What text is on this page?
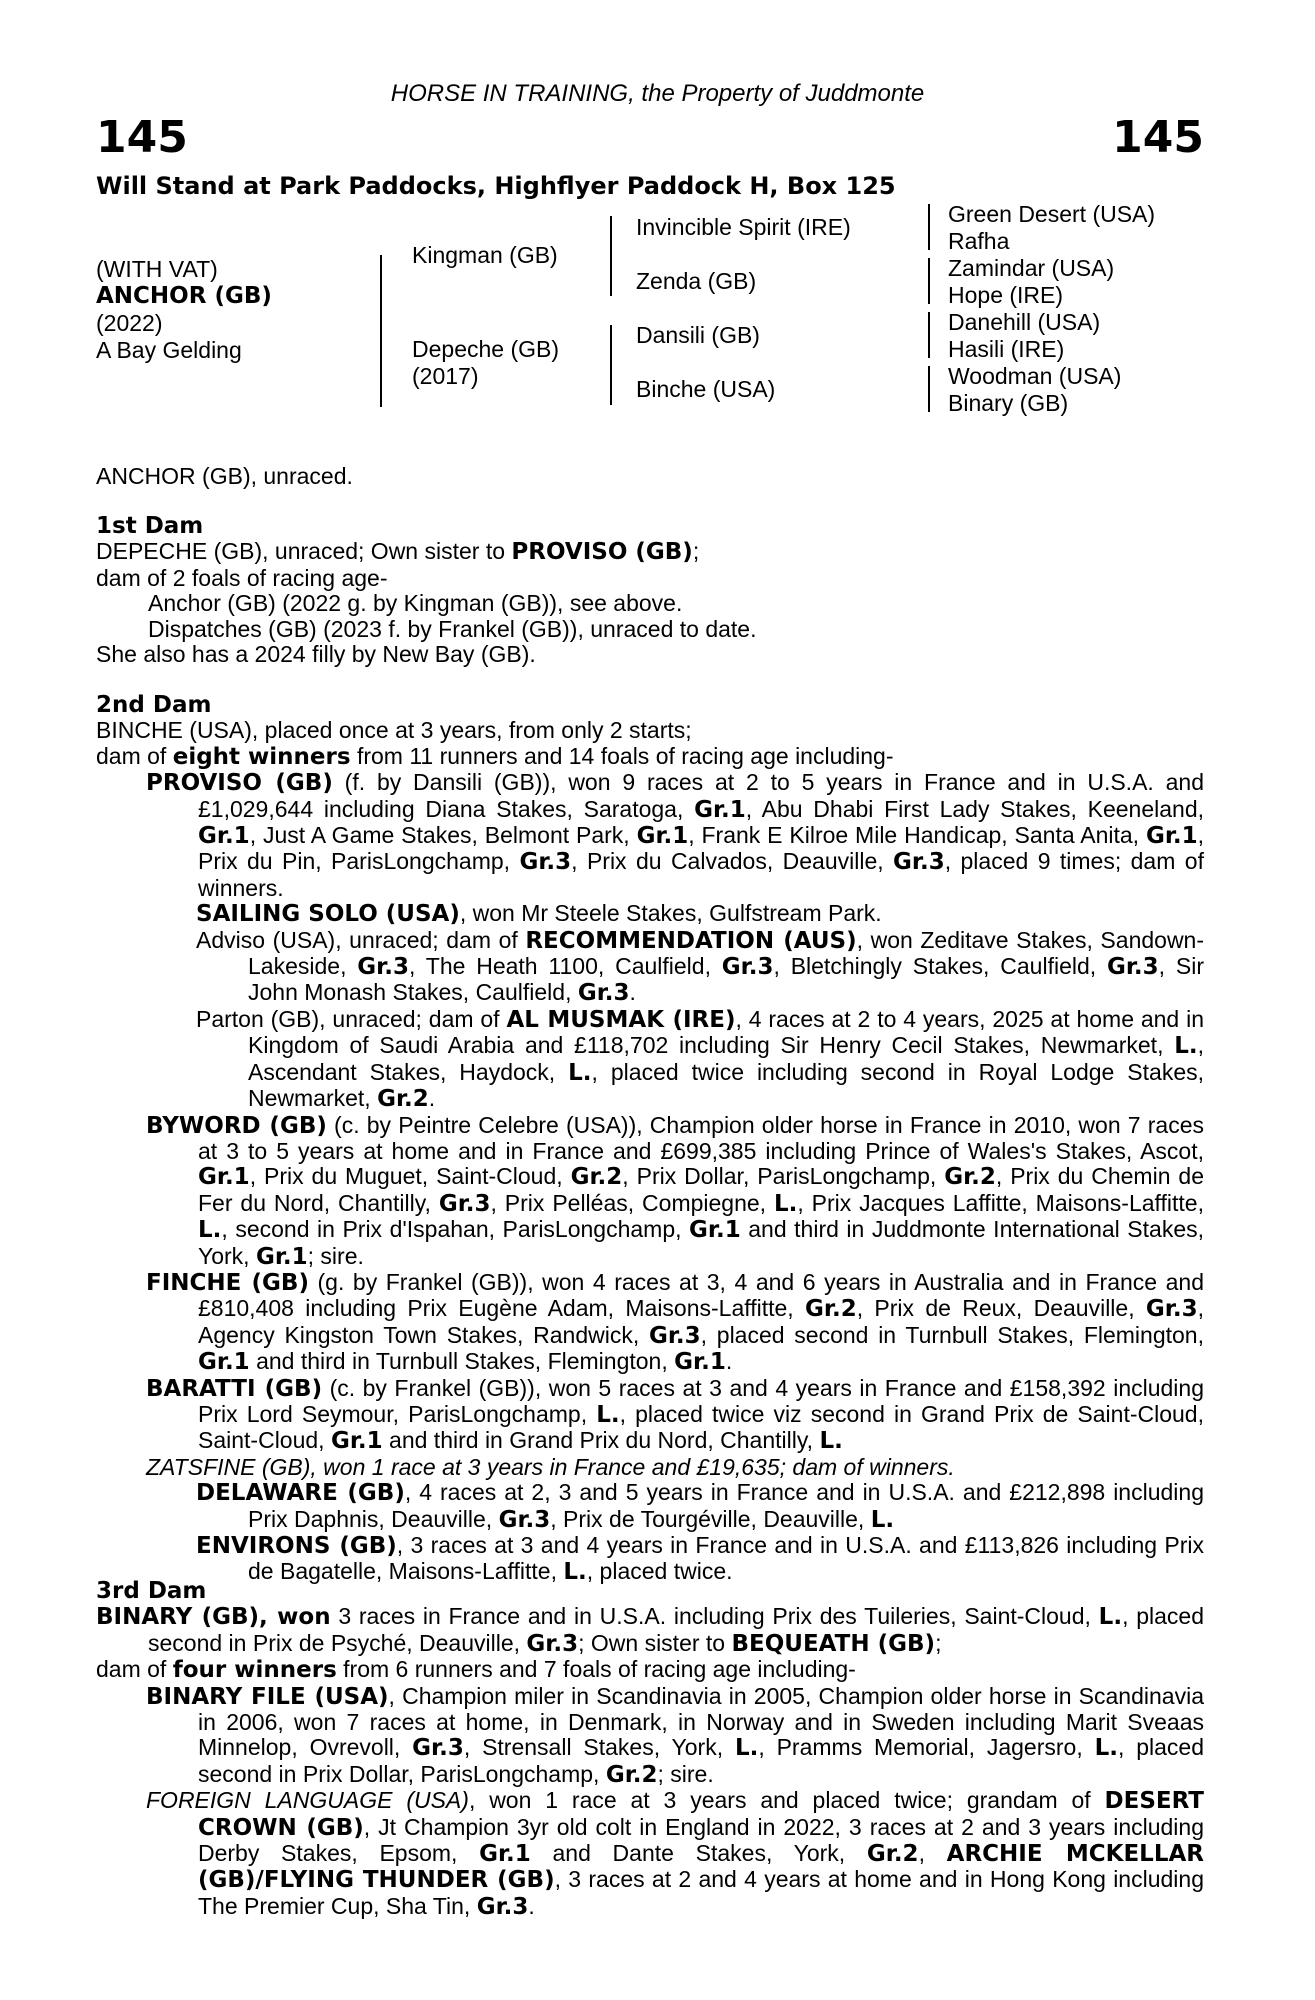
HORSE IN TRAINING, the Property of Juddmonte
145	145
Will Stand at Park Paddocks, Highflyer Paddock H, Box 125
(WITH VAT)
ANCHOR (GB)
(2022)
A Bay Gelding
Kingman (GB)
Depeche (GB)
(2017)
Invincible Spirit (IRE)
Zenda (GB)
Dansili (GB)
Binche (USA)
Green Desert (USA)
Rafha
Zamindar (USA)
Hope (IRE)
Danehill (USA)
Hasili (IRE)
Woodman (USA)
Binary (GB)
ANCHOR (GB), unraced.

1st Dam

DEPECHE (GB), unraced; Own sister to PROVISO (GB);

dam of 2 foals of racing age-

Anchor (GB) (2022 g. by Kingman (GB)), see above.

Dispatches (GB) (2023 f. by Frankel (GB)), unraced to date.

She also has a 2024 filly by New Bay (GB).

2nd Dam

BINCHE (USA), placed once at 3 years, from only 2 starts;

dam of eight winners from 11 runners and 14 foals of racing age including-

PROVISO (GB) (f. by Dansili (GB)), won 9 races at 2 to 5 years in France and in U.S.A. and £1,029,644 including Diana Stakes, Saratoga, Gr.1, Abu Dhabi First Lady Stakes, Keeneland, Gr.1, Just A Game Stakes, Belmont Park, Gr.1, Frank E Kilroe Mile Handicap, Santa Anita, Gr.1, Prix du Pin, ParisLongchamp, Gr.3, Prix du Calvados, Deauville, Gr.3, placed 9 times; dam of winners.

SAILING SOLO (USA), won Mr Steele Stakes, Gulfstream Park.

Adviso (USA), unraced; dam of RECOMMENDATION (AUS), won Zeditave Stakes, Sandown-Lakeside, Gr.3, The Heath 1100, Caulfield, Gr.3, Bletchingly Stakes, Caulfield, Gr.3, Sir John Monash Stakes, Caulfield, Gr.3.

Parton (GB), unraced; dam of AL MUSMAK (IRE), 4 races at 2 to 4 years, 2025 at home and in Kingdom of Saudi Arabia and £118,702 including Sir Henry Cecil Stakes, Newmarket, L., Ascendant Stakes, Haydock, L., placed twice including second in Royal Lodge Stakes, Newmarket, Gr.2.

BYWORD (GB) (c. by Peintre Celebre (USA)), Champion older horse in France in 2010, won 7 races at 3 to 5 years at home and in France and £699,385 including Prince of Wales's Stakes, Ascot, Gr.1, Prix du Muguet, Saint-Cloud, Gr.2, Prix Dollar, ParisLongchamp, Gr.2, Prix du Chemin de Fer du Nord, Chantilly, Gr.3, Prix Pelléas, Compiegne, L., Prix Jacques Laffitte, Maisons-Laffitte, L., second in Prix d'Ispahan, ParisLongchamp, Gr.1 and third in Juddmonte International Stakes, York, Gr.1; sire.

FINCHE (GB) (g. by Frankel (GB)), won 4 races at 3, 4 and 6 years in Australia and in France and £810,408 including Prix Eugène Adam, Maisons-Laffitte, Gr.2, Prix de Reux, Deauville, Gr.3, Agency Kingston Town Stakes, Randwick, Gr.3, placed second in Turnbull Stakes, Flemington, Gr.1 and third in Turnbull Stakes, Flemington, Gr.1.

BARATTI (GB) (c. by Frankel (GB)), won 5 races at 3 and 4 years in France and £158,392 including Prix Lord Seymour, ParisLongchamp, L., placed twice viz second in Grand Prix de Saint-Cloud, Saint-Cloud, Gr.1 and third in Grand Prix du Nord, Chantilly, L.

ZATSFINE (GB), won 1 race at 3 years in France and £19,635; dam of winners.

DELAWARE (GB), 4 races at 2, 3 and 5 years in France and in U.S.A. and £212,898 including Prix Daphnis, Deauville, Gr.3, Prix de Tourgéville, Deauville, L.

ENVIRONS (GB), 3 races at 3 and 4 years in France and in U.S.A. and £113,826 including Prix de Bagatelle, Maisons-Laffitte, L., placed twice.

3rd Dam

BINARY (GB), won 3 races in France and in U.S.A. including Prix des Tuileries, Saint-Cloud, L., placed second in Prix de Psyché, Deauville, Gr.3; Own sister to BEQUEATH (GB);

dam of four winners from 6 runners and 7 foals of racing age including-

BINARY FILE (USA), Champion miler in Scandinavia in 2005, Champion older horse in Scandinavia in 2006, won 7 races at home, in Denmark, in Norway and in Sweden including Marit Sveaas Minnelop, Ovrevoll, Gr.3, Strensall Stakes, York, L., Pramms Memorial, Jagersro, L., placed second in Prix Dollar, ParisLongchamp, Gr.2; sire.

FOREIGN LANGUAGE (USA), won 1 race at 3 years and placed twice; grandam of DESERT CROWN (GB), Jt Champion 3yr old colt in England in 2022, 3 races at 2 and 3 years including Derby Stakes, Epsom, Gr.1 and Dante Stakes, York, Gr.2, ARCHIE MCKELLAR (GB)/FLYING THUNDER (GB), 3 races at 2 and 4 years at home and in Hong Kong including The Premier Cup, Sha Tin, Gr.3.
